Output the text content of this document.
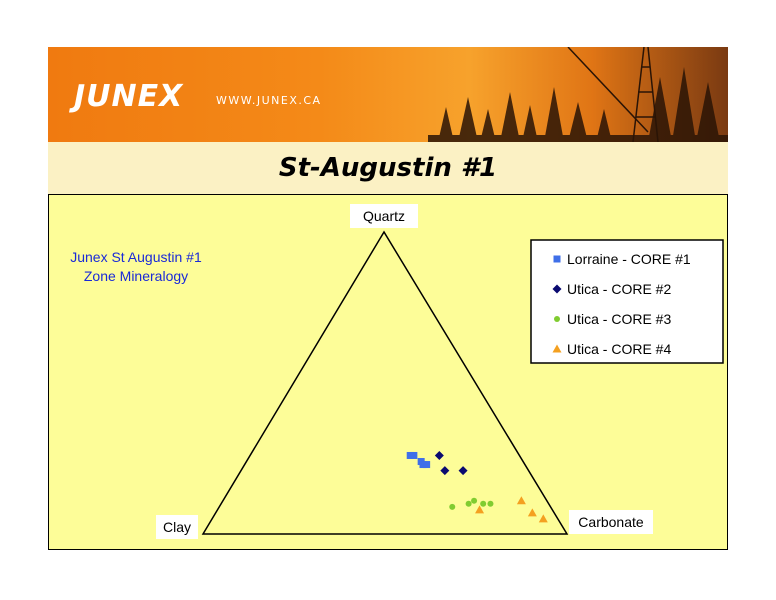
JUNEX	WWW.JUNEX.CA
St-Augustin #1
Quartz
Clay	Carbonate
Junex St Augustin #1
Zone Mineralogy
Lorraine - CORE #1
Utica - CORE #2
Utica - CORE #3
Utica - CORE #4
